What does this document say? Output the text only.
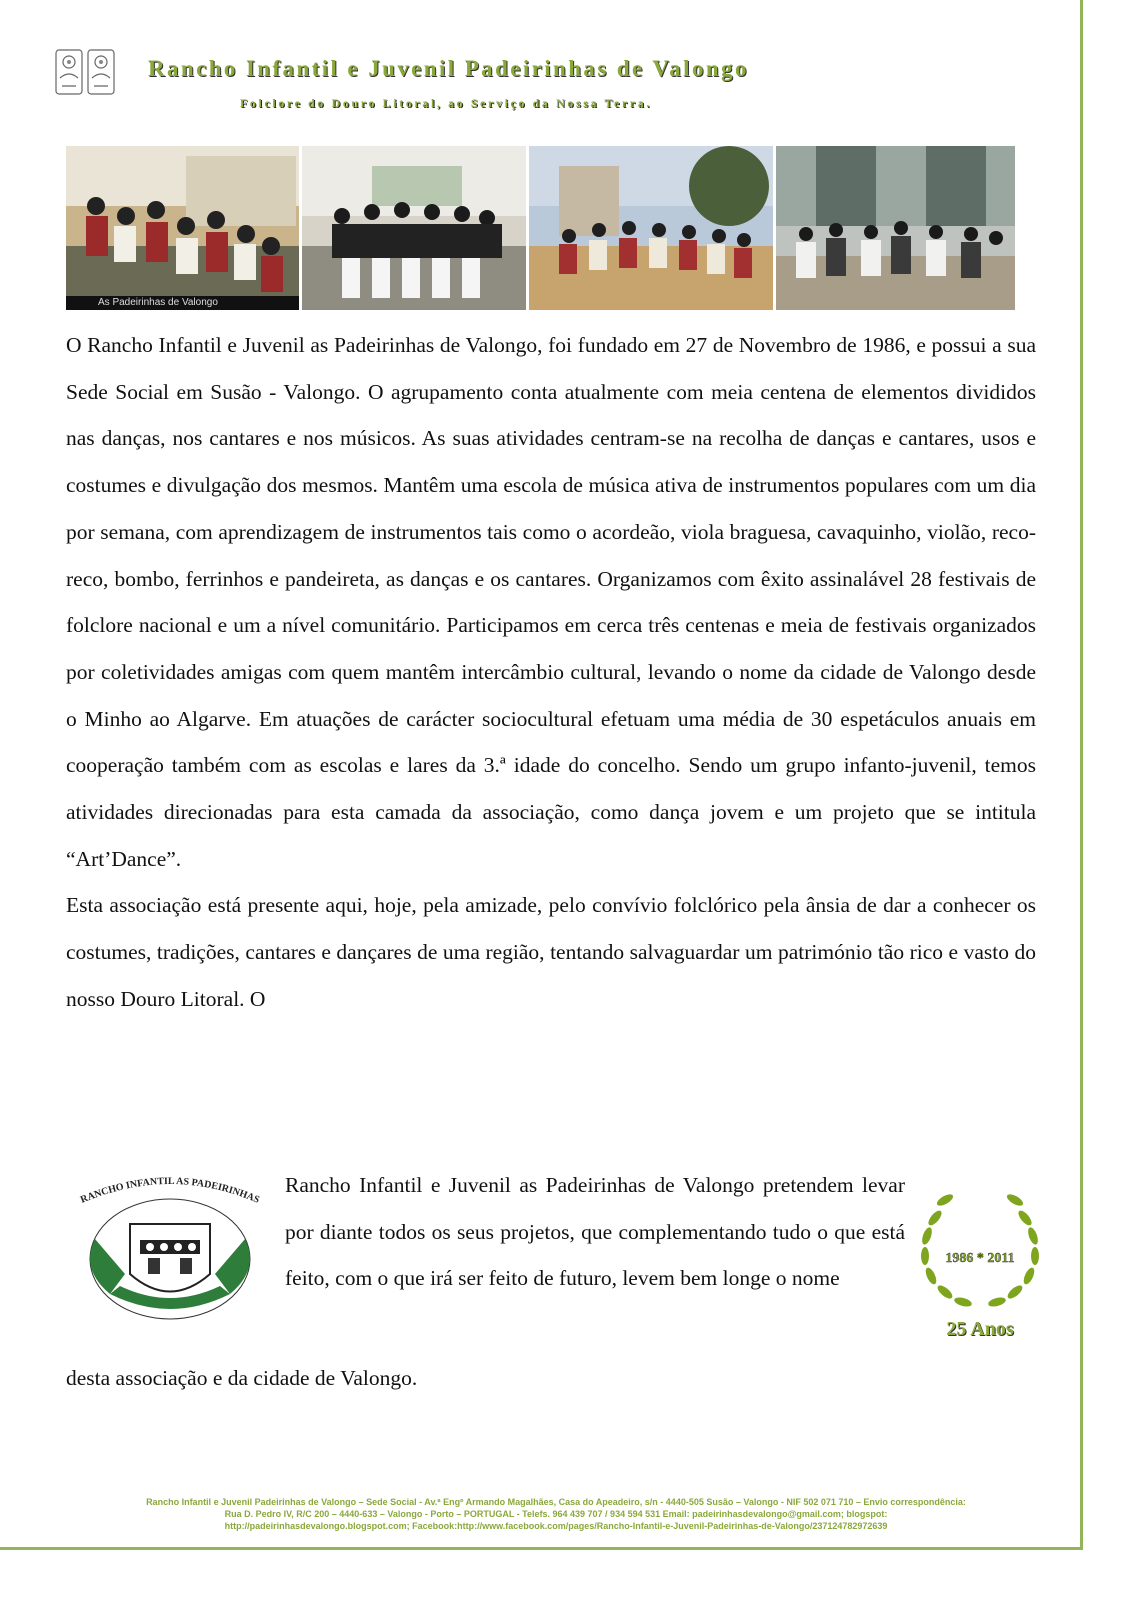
Rancho Infantil e Juvenil Padeirinhas de Valongo
Folclore do Douro Litoral, ao Serviço da Nossa Terra.
As Padeirinhas de Valongo

O Rancho Infantil e Juvenil as Padeirinhas de Valongo, foi fundado em 27 de Novembro de 1986, e possui a sua Sede Social em Susão - Valongo. O agrupamento conta atualmente com meia centena de elementos divididos nas danças, nos cantares e nos músicos. As suas atividades centram-se na recolha de danças e cantares, usos e costumes e divulgação dos mesmos. Mantêm uma escola de música ativa de instrumentos populares com um dia por semana, com aprendizagem de instrumentos tais como o acordeão, viola braguesa, cavaquinho, violão, reco-reco, bombo, ferrinhos e pandeireta, as danças e os cantares. Organizamos com êxito assinalável 28 festivais de folclore nacional e um a nível comunitário. Participamos em cerca três centenas e meia de festivais organizados por coletividades amigas com quem mantêm intercâmbio cultural, levando o nome da cidade de Valongo desde o Minho ao Algarve. Em atuações de carácter sociocultural efetuam uma média de 30 espetáculos anuais em cooperação também com as escolas e lares da 3.ª idade do concelho. Sendo um grupo infanto-juvenil, temos atividades direcionadas para esta camada da associação, como dança jovem e um projeto que se intitula “Art’Dance”.

Esta associação está presente aqui, hoje, pela amizade, pelo convívio folclórico pela ânsia de dar a conhecer os costumes, tradições, cantares e dançares de uma região, tentando salvaguardar um património tão rico e vasto do nosso Douro Litoral. O

RANCHO INFANTIL AS PADEIRINHAS
Rancho Infantil e Juvenil as Padeirinhas de Valongo pretendem levar por diante todos os seus projetos, que complementando tudo o que está feito, com o que irá ser feito de futuro, levem bem longe o nome
desta associação e da cidade de Valongo.
1986 * 2011
25 Anos

Rancho Infantil e Juvenil Padeirinhas de Valongo – Sede Social - Av.ª Engº Armando Magalhães, Casa do Apeadeiro, s/n - 4440-505 Susão – Valongo - NIF 502 071 710 – Envio correspondência:

Rua D. Pedro IV, R/C 200 – 4440-633 – Valongo - Porto – PORTUGAL - Telefs. 964 439 707 / 934 594 531 Email: padeirinhasdevalongo@gmail.com; blogspot:

http://padeirinhasdevalongo.blogspot.com; Facebook:http://www.facebook.com/pages/Rancho-Infantil-e-Juvenil-Padeirinhas-de-Valongo/237124782972639
